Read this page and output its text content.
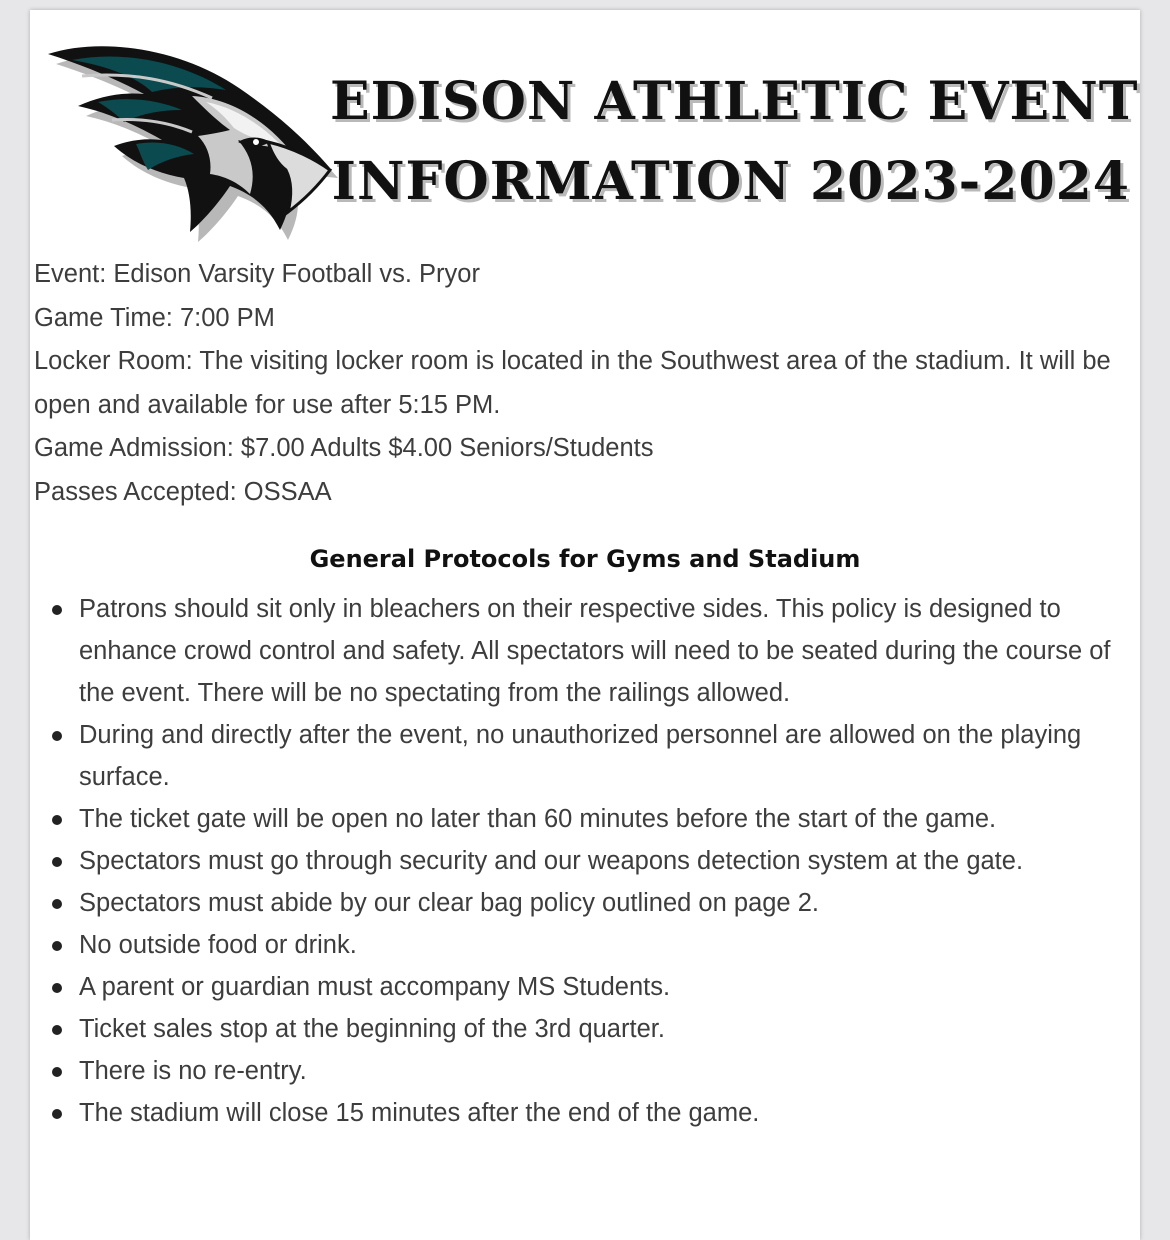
EDISON ATHLETIC EVENT
INFORMATION 2023-2024
Event: Edison Varsity Football vs. Pryor
Game Time: 7:00 PM
Locker Room: The visiting locker room is located in the Southwest area of the stadium. It will be open and available for use after 5:15 PM.
Game Admission: $7.00 Adults $4.00 Seniors/Students
Passes Accepted: OSSAA
General Protocols for Gyms and Stadium
Patrons should sit only in bleachers on their respective sides. This policy is designed to enhance crowd control and safety. All spectators will need to be seated during the course of the event. There will be no spectating from the railings allowed.
During and directly after the event, no unauthorized personnel are allowed on the playing surface.
The ticket gate will be open no later than 60 minutes before the start of the game.
Spectators must go through security and our weapons detection system at the gate.
Spectators must abide by our clear bag policy outlined on page 2.
No outside food or drink.
A parent or guardian must accompany MS Students.
Ticket sales stop at the beginning of the 3rd quarter.
There is no re-entry.
The stadium will close 15 minutes after the end of the game.
